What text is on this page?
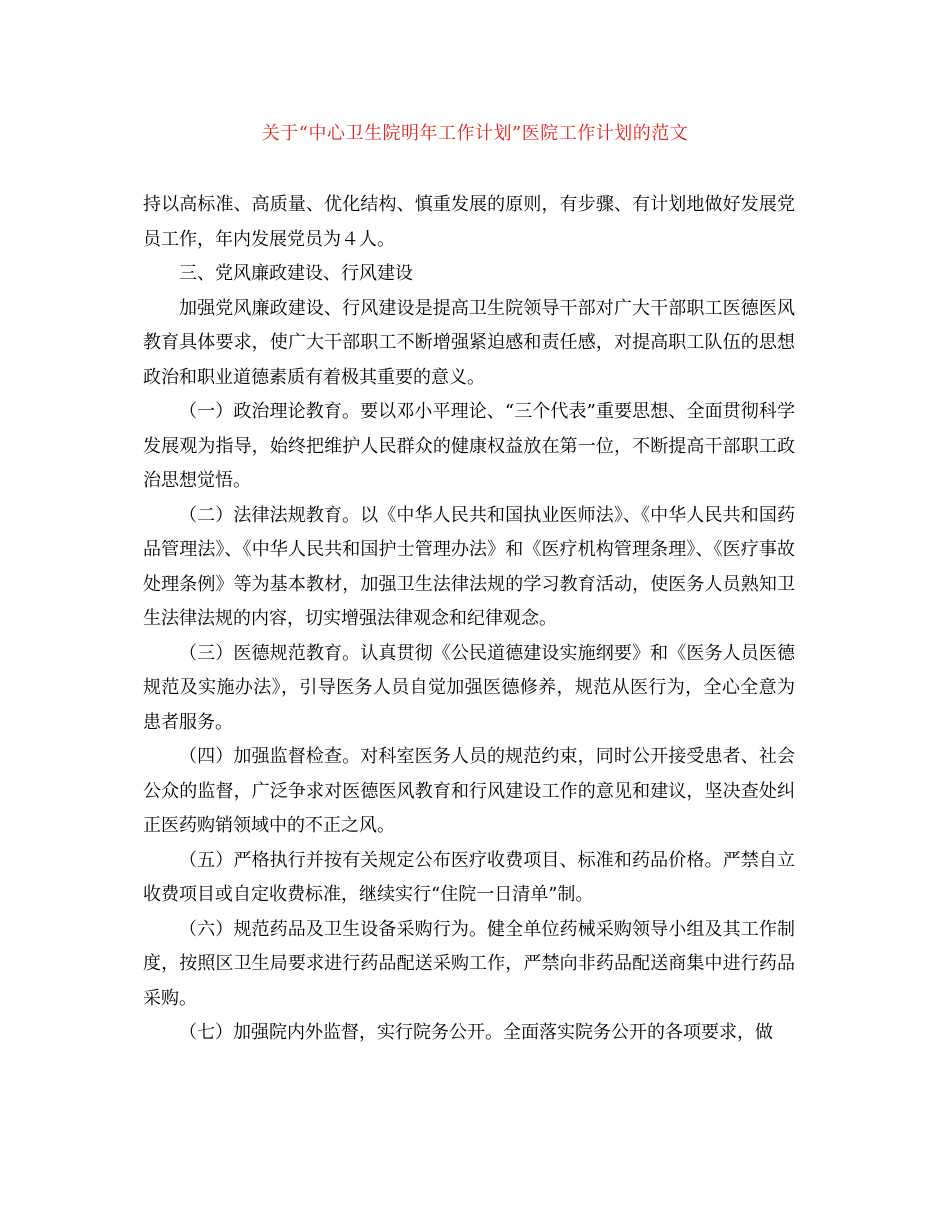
关于“中心卫生院明年工作计划”医院工作计划的范文

持以高标准、高质量、优化结构、慎重发展的原则，有步骤、有计划地做好发展党员工作，年内发展党员为４人。

三、党风廉政建设、行风建设

加强党风廉政建设、行风建设是提高卫生院领导干部对广大干部职工医德医风教育具体要求，使广大干部职工不断增强紧迫感和责任感，对提高职工队伍的思想政治和职业道德素质有着极其重要的意义。

（一）政治理论教育。要以邓小平理论、“三个代表”重要思想、全面贯彻科学发展观为指导，始终把维护人民群众的健康权益放在第一位，不断提高干部职工政治思想觉悟。

（二）法律法规教育。以《中华人民共和国执业医师法》、《中华人民共和国药品管理法》、《中华人民共和国护士管理办法》和《医疗机构管理条理》、《医疗事故处理条例》等为基本教材，加强卫生法律法规的学习教育活动，使医务人员熟知卫生法律法规的内容，切实增强法律观念和纪律观念。

（三）医德规范教育。认真贯彻《公民道德建设实施纲要》和《医务人员医德规范及实施办法》，引导医务人员自觉加强医德修养，规范从医行为，全心全意为患者服务。

（四）加强监督检查。对科室医务人员的规范约束，同时公开接受患者、社会公众的监督，广泛争求对医德医风教育和行风建设工作的意见和建议，坚决查处纠正医药购销领域中的不正之风。

（五）严格执行并按有关规定公布医疗收费项目、标准和药品价格。严禁自立收费项目或自定收费标准，继续实行“住院一日清单”制。

（六）规范药品及卫生设备采购行为。健全单位药械采购领导小组及其工作制度，按照区卫生局要求进行药品配送采购工作，严禁向非药品配送商集中进行药品采购。

（七）加强院内外监督，实行院务公开。全面落实院务公开的各项要求，做
